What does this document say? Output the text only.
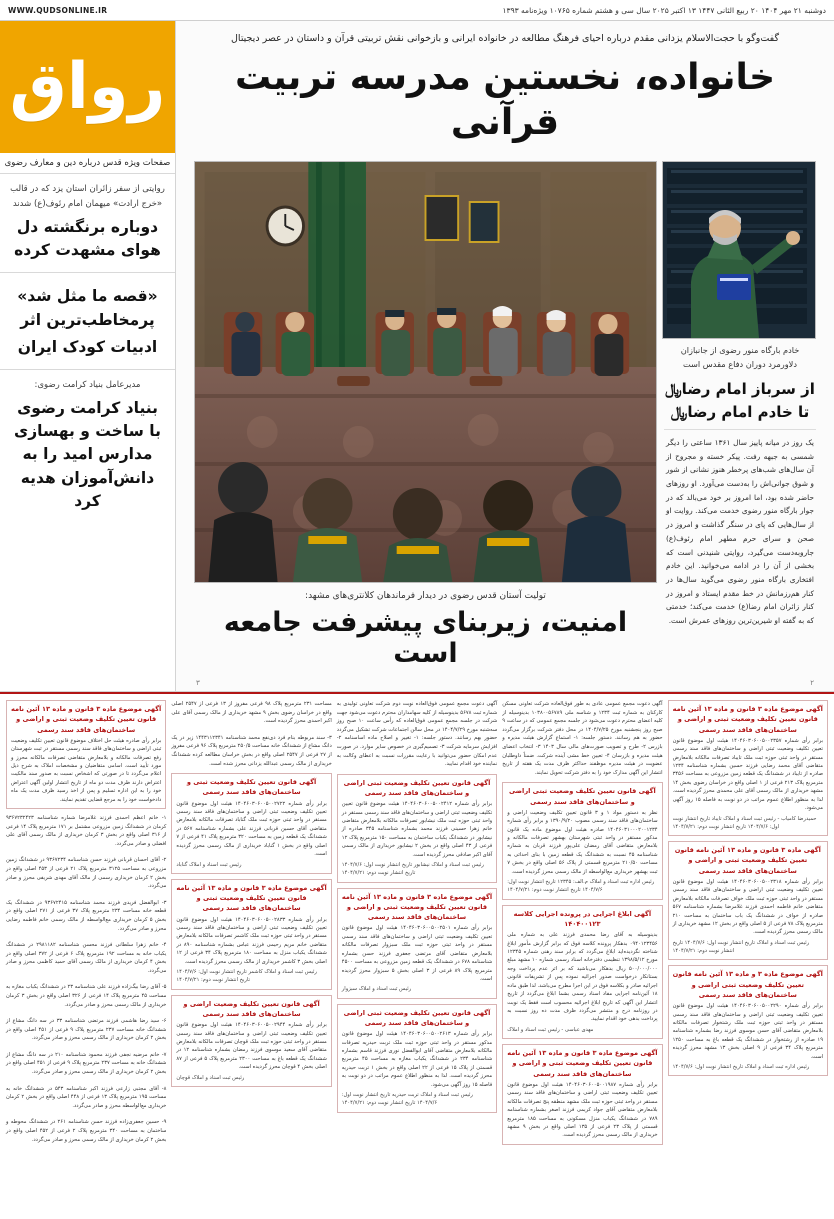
دوشنبه ۲۱ مهر ۱۴۰۴ ۲۰ ربیع الثانی ۱۴۴۷ ۱۳ اکتبر ۲۰۲۵ سال سی و هشتم شماره ۱۰۷۶۵ ویژه‌نامه ۱۳۹۳
WWW.QUDSONLINE.IR
گفت‌وگو با حجت‌الاسلام یزدانی مقدم درباره احیای فرهنگ مطالعه در خانواده ایرانی و بازخوانی نقش تربیتی قرآن و داستان در عصر دیجیتال
خانواده، نخستین مدرسه تربیت قرآنی
خادم بارگاه منور رضوی از جانبازان دلاورمرد دوران دفاع مقدس است
از سرباز امام رضا﷼ تا خادم امام رضا﷼
یک روز در میانه پاییز سال ۱۳۶۱ ساعتی را دیگر شمسی به جبهه رفت. پیکر خسته و مجروح از آن سال‌های شب‌های پرخطر هنوز نشانی از شور و شوق جوانی‌اش را به‌دست می‌آورد. او روزهای حاضر شده بود، اما امروز بر خود می‌بالد که در جوار بارگاه منور رضوی خدمت می‌کند. روایت او از سال‌هایی که پای در سنگر گذاشت و امروز در صحن و سرای حرم مطهر امام رئوف(ع) جاروبه‌دست می‌گیرد، روایتی شنیدنی است که بخشی از آن را در ادامه می‌خوانید. این خادم افتخاری بارگاه منور رضوی می‌گوید سال‌ها در کنار هم‌رزمانش در خط مقدم ایستاد و امروز در کنار زائران امام رضا(ع) خدمت می‌کند؛ خدمتی که به گفته او شیرین‌ترین روزهای عمرش است.
تولیت آستان قدس رضوی در دیدار فرماندهان کلانتری‌های مشهد:
امنیت، زیربنای پیشرفت جامعه است
۲
۳
رواق
صفحات ویژه قدس درباره دین و معارف رضوی
روایتی از سفر زائران استان یزد که در قالب «خرج ارادت» میهمان امام رئوف(ع) شدند
دوباره برنگشته دل هوای مشهدت کرده
«قصه ما مثل شد» پرمخاطب‌ترین اثر
ادبیات کودک ایران
مدیرعامل بنیاد کرامت رضوی:
بنیاد کرامت رضوی با ساخت و بهسازی مدارس امید را به دانش‌آموزان هدیه کرد
آگهی موضوع ماده ۳ قانون و ماده ۱۳ آئین نامه قانون تعیین تکلیف وضعیت ثبتی و اراضی و ساختمان‌های فاقد سند رسمی
برابر رأی شماره ۱۴۰۴۶۰۳۰۶۰۰۵۰۰۲۳۵۷ هیئت اول موضوع قانون تعیین تکلیف وضعیت ثبتی اراضی و ساختمان‌های فاقد سند رسمی مستقر در واحد ثبتی حوزه ثبت ملک تایباد تصرفات مالکانه بلامعارض متقاضی آقای محمد رضایی فرزند حسین بشماره شناسنامه ۱۲۳۴ صادره از تایباد در ششدانگ یک قطعه زمین مزروعی به مساحت ۳۴۵۶ مترمربع پلاک ۲۱۳ فرعی از ۱ اصلی واقع در خراسان رضوی بخش ۱۴ مشهد خریداری از مالک رسمی آقای علی محمدی محرز گردیده است. لذا به منظور اطلاع عموم مراتب در دو نوبت به فاصله ۱۵ روز آگهی می‌شود.
حمیدرضا کامیاب - رئیس ثبت اسناد و املاک تایباد تاریخ انتشار نوبت اول: ۱۴۰۴/۷/۶ تاریخ انتشار نوبت دوم: ۱۴۰۴/۷/۲۱
آگهی ماده ۳ قانون و ماده ۱۳ آئین نامه قانون تعیین تکلیف وضعیت ثبتی و اراضی و ساختمان‌های فاقد سند رسمی
برابر رأی شماره ۱۴۰۴۶۰۳۰۶۰۰۵۰۰۲۳۱۸ هیئت اول موضوع قانون تعیین تکلیف وضعیت ثبتی اراضی و ساختمان‌های فاقد سند رسمی مستقر در واحد ثبتی حوزه ثبت ملک خواف تصرفات مالکانه بلامعارض متقاضی خانم فاطمه احمدی فرزند غلامرضا بشماره شناسنامه ۵۶۷ صادره از خواف در ششدانگ یک باب ساختمان به مساحت ۲۱۰ مترمربع پلاک ۷۸ فرعی از ۵ اصلی واقع در بخش ۱۲ مشهد خریداری از مالک رسمی محرز گردیده است.
رئیس ثبت اسناد و املاک تاریخ انتشار نوبت اول: ۱۴۰۴/۷/۶ تاریخ انتشار نوبت دوم: ۱۴۰۴/۷/۲۱
آگهی موضوع ماده ۳ و ماده ۱۳ آئین نامه قانون تعیین تکلیف وضعیت ثبتی اراضی و ساختمان‌های فاقد سند رسمی
برابر رأی شماره ۱۴۰۴۶۰۳۰۶۰۰۵۰۰۲۲۹۰ هیئت اول موضوع قانون تعیین تکلیف وضعیت ثبتی اراضی و ساختمان‌های فاقد سند رسمی مستقر در واحد ثبتی حوزه ثبت ملک رشتخوار تصرفات مالکانه بلامعارض متقاضی آقای حسن موسوی فرزند رضا بشماره شناسنامه ۱۹ صادره از رشتخوار در ششدانگ یک قطعه باغ به مساحت ۱۲۵۰ مترمربع پلاک ۳۴ فرعی از ۹ اصلی بخش ۱۳ مشهد محرز گردیده است.
رئیس اداره ثبت اسناد و املاک تاریخ انتشار نوبت اول: ۱۴۰۴/۷/۶
آگهی دعوت مجمع عمومی عادی به طور فوق‌العاده شرکت تعاونی مسکن کارکنان به شماره ثبت ۱۲۳۴ و شناسه ملی ۱۰۳۸۰۰۵۶۷۸۹ بدینوسیله از کلیه اعضای محترم دعوت می‌شود در جلسه مجمع عمومی که در ساعت ۹ صبح روز پنجشنبه مورخ ۱۴۰۴/۷/۲۵ در محل دفتر شرکت برگزار می‌گردد حضور به هم رسانند. دستور جلسه: ۱- استماع گزارش هیئت مدیره و بازرس ۲- طرح و تصویب صورت‌های مالی سال ۱۴۰۳ ۳- انتخاب اعضای هیئت مدیره و بازرسان ۴- تعیین خط مشی آینده شرکت. ضمناً داوطلبان عضویت در هیئت مدیره موظفند حداکثر ظرف مدت یک هفته از تاریخ انتشار این آگهی مدارک خود را به دفتر شرکت تحویل نمایند.
آگهی قانون تعیین تکلیف وضعیت ثبتی اراضی و ساختمان‌های فاقد سند رسمی
نظر به دستور مواد ۱ و ۳ قانون تعیین تکلیف وضعیت اراضی و ساختمان‌های فاقد سند رسمی مصوب ۱۳۹۰/۹/۲۰ و برابر رأی شماره ۱۴۰۴۶۰۳۱۰۰۰۲۰۰۱۲۳۴ صادره هیئت اول موضوع ماده یک قانون مذکور مستقر در واحد ثبتی شهرستان بهشهر تصرفات مالکانه و بلامعارض متقاضی آقای رمضان علی‌پور فرزند قربان به شماره شناسنامه ۴۵ نسبت به ششدانگ یک قطعه زمین با بنای احداثی به مساحت ۲۱۰/۵۰ مترمربع قسمتی از پلاک ۵۶ اصلی واقع در بخش ۷ ثبت بهشهر خریداری مع‌الواسطه از مالک رسمی محرز گردیده است.
رئیس اداره ثبت اسناد و املاک م.الف: ۱۲۳۴۵ تاریخ انتشار نوبت اول: ۱۴۰۴/۷/۶ تاریخ انتشار نوبت دوم: ۱۴۰۴/۷/۲۱
آگهی ابلاغ اجرایی در پرونده اجرایی کلاسه ۱۴۰۴۰۰۱۲۳
بدینوسیله به آقای رضا محمدی فرزند علی به شماره ملی ۰۹۴۰۱۲۳۴۵۶ بدهکار پرونده کلاسه فوق که برابر گزارش مأمور ابلاغ شناخته نگردیده‌اید ابلاغ می‌گردد که برابر سند رهنی شماره ۱۲۳۴۵ مورخ ۱۳۹۸/۵/۱۲ تنظیمی دفترخانه اسناد رسمی شماره ۱۰ مشهد مبلغ ۵۰۰/۰۰۰/۰۰۰ ریال بدهکار می‌باشید که بر اثر عدم پرداخت وجه بستانکار درخواست صدور اجرائیه نموده پس از تشریفات قانونی اجرائیه صادر و بکلاسه فوق در این اجرا مطرح می‌باشد. لذا طبق ماده ۱۸ آئین‌نامه اجرایی مفاد اسناد رسمی بشما ابلاغ می‌گردد از تاریخ انتشار این آگهی که تاریخ ابلاغ اجرائیه محسوب است فقط یک نوبت در روزنامه درج و منتشر می‌گردد ظرف مدت ده روز نسبت به پرداخت بدهی خود اقدام نمایید.
مهدی عباسی - رئیس ثبت اسناد و املاک
آگهی موضوع ماده ۳ قانون و ماده ۱۳ آئین نامه قانون تعیین تکلیف وضعیت ثبتی و اراضی و ساختمان‌های فاقد سند رسمی
برابر رأی شماره ۱۴۰۴۶۰۳۰۶۰۰۵۰۰۱۹۸۷ هیئت اول موضوع قانون تعیین تکلیف وضعیت ثبتی اراضی و ساختمان‌های فاقد سند رسمی مستقر در واحد ثبتی حوزه ثبت ملک مشهد منطقه پنج تصرفات مالکانه بلامعارض متقاضی آقای جواد کریمی فرزند اصغر بشماره شناسنامه ۷۸۹ در ششدانگ یکباب منزل مسکونی به مساحت ۱۸۵ مترمربع قسمتی از پلاک ۲۳ فرعی از ۱۳۵ اصلی واقع در بخش ۹ مشهد خریداری از مالک رسمی محرز گردیده است.
آگهی دعوت مجمع عمومی فوق‌العاده نوبت دوم شرکت تعاونی تولیدی به شماره ثبت ۵۶۷۸ بدینوسیله از کلیه سهامداران محترم دعوت می‌شود جهت شرکت در جلسه مجمع عمومی فوق‌العاده که رأس ساعت ۱۰ صبح روز سه‌شنبه مورخ ۱۴۰۴/۷/۲۹ در محل سالن اجتماعات شرکت تشکیل می‌گردد حضور بهم رسانند. دستور جلسه: ۱- تغییر و اصلاح ماده اساسنامه ۲- افزایش سرمایه شرکت ۳- تصمیم‌گیری در خصوص سایر موارد. در صورت عدم امکان حضور می‌توانید با رعایت مقررات نسبت به اعطای وکالت به نماینده خود اقدام نمایید.
آگهی قانون تعیین تکلیف وضعیت ثبتی اراضی و ساختمان‌های فاقد سند رسمی
برابر رأی شماره ۱۴۰۴۶۰۳۰۶۰۰۵۰۰۲۴۱۲ هیئت موضوع قانون تعیین تکلیف وضعیت ثبتی اراضی و ساختمان‌های فاقد سند رسمی مستقر در واحد ثبتی حوزه ثبت ملک نیشابور تصرفات مالکانه بلامعارض متقاضی خانم زهرا حسینی فرزند محمد بشماره شناسنامه ۳۴۵ صادره از نیشابور در ششدانگ یکباب ساختمان به مساحت ۱۵۰ مترمربع پلاک ۱۲ فرعی از ۴۳ اصلی واقع در بخش ۲ نیشابور خریداری از مالک رسمی آقای اکبر صادقی محرز گردیده است.
رئیس ثبت اسناد و املاک نیشابور تاریخ انتشار نوبت اول: ۱۴۰۴/۷/۶ تاریخ انتشار نوبت دوم: ۱۴۰۴/۷/۲۱
آگهی موضوع ماده ۳ قانون و ماده ۱۳ آئین نامه قانون تعیین تکلیف وضعیت ثبتی و اراضی و ساختمان‌های فاقد سند رسمی
برابر رأی شماره ۱۴۰۴۶۰۳۰۶۰۰۵۰۰۲۵۰۱ هیئت اول موضوع قانون تعیین تکلیف وضعیت ثبتی اراضی و ساختمان‌های فاقد سند رسمی مستقر در واحد ثبتی حوزه ثبت ملک سبزوار تصرفات مالکانه بلامعارض متقاضی آقای مرتضی جعفری فرزند حسن بشماره شناسنامه ۶۷۸ در ششدانگ یک قطعه زمین مزروعی به مساحت ۴۵۰۰ مترمربع پلاک ۸۹ فرعی از ۳ اصلی بخش ۵ سبزوار محرز گردیده است.
رئیس ثبت اسناد و املاک سبزوار
آگهی قانون تعیین تکلیف وضعیت ثبتی اراضی و ساختمان‌های فاقد سند رسمی
برابر رأی شماره ۱۴۰۴۶۰۳۰۶۰۰۵۰۰۲۶۱۳ هیئت اول موضوع قانون مذکور مستقر در واحد ثبتی حوزه ثبت ملک تربت حیدریه تصرفات مالکانه بلامعارض متقاضی آقای ابوالفضل نوری فرزند قاسم بشماره شناسنامه ۲۳۴ در ششدانگ یکباب مغازه به مساحت ۴۵ مترمربع قسمتی از پلاک ۱۵ فرعی از ۲۲ اصلی واقع در بخش ۱ تربت حیدریه محرز گردیده است. لذا به منظور اطلاع عموم مراتب در دو نوبت به فاصله ۱۵ روز آگهی می‌شود.
رئیس ثبت اسناد و املاک تربت حیدریه تاریخ انتشار نوبت اول: ۱۴۰۴/۷/۶ تاریخ انتشار نوبت دوم: ۱۴۰۴/۷/۲۱
مساحت ۲۳۱ مترمربع پلاک ۹۸ فرعی مفروز از ۱۳ فرعی از ۲۵۴۷ اصلی واقع در خراسان رضوی بخش ۹ مشهد خریداری از مالک رسمی آقای علی اکبر احمدی محرز گردیده است.
۳- سند مربوطه بنام فرد ذی‌نفع محمد شناسنامه ۱۴۴۳۱۱۲۳۴۱ زیر در یک دانگ مشاع از ششدانگ خانه مساحت ۲۵۰/۵ مترمربع پلاک ۹۶ فرعی مفروز از ۲۷ فرعی از ۲۵۴۷ اصلی واقع در بخش خراسان مطالعه کرده ششدانگ خریداری از مالک رسمی عبدالله یزدانی محرز شده است.
آگهی قانون تعیین تکلیف وضعیت ثبتی و ساختمان‌های فاقد سند رسمی
برابر رأی شماره ۱۴۰۴۶۰۳۰۶۰۰۵۰۰۲۷۲۲ هیئت اول موضوع قانون تعیین تکلیف وضعیت ثبتی اراضی و ساختمان‌های فاقد سند رسمی مستقر در واحد ثبتی حوزه ثبت ملک گناباد تصرفات مالکانه بلامعارض متقاضی آقای حسین قربانی فرزند علی بشماره شناسنامه ۵۶۷ در ششدانگ یک قطعه زمین به مساحت ۳۲۰ مترمربع پلاک ۴۱ فرعی از ۷ اصلی واقع در بخش ۱ گناباد خریداری از مالک رسمی محرز گردیده است.
رئیس ثبت اسناد و املاک گناباد
آگهی موضوع ماده ۳ قانون و ماده ۱۳ آئین نامه قانون تعیین تکلیف وضعیت ثبتی و ساختمان‌های فاقد سند رسمی
برابر رأی شماره ۱۴۰۴۶۰۳۰۶۰۰۵۰۰۲۸۳۳ هیئت اول موضوع قانون تعیین تکلیف وضعیت ثبتی اراضی و ساختمان‌های فاقد سند رسمی مستقر در واحد ثبتی حوزه ثبت ملک کاشمر تصرفات مالکانه بلامعارض متقاضی خانم مریم رحیمی فرزند عباس بشماره شناسنامه ۸۹۰ در ششدانگ یکباب منزل به مساحت ۱۸۰ مترمربع پلاک ۳۴ فرعی از ۱۲ اصلی بخش ۳ کاشمر خریداری از مالک رسمی محرز گردیده است.
رئیس ثبت اسناد و املاک کاشمر تاریخ انتشار نوبت اول: ۱۴۰۴/۷/۶ تاریخ انتشار نوبت دوم: ۱۴۰۴/۷/۲۱
آگهی قانون تعیین تکلیف وضعیت اراضی و ساختمان‌های فاقد سند رسمی
برابر رأی شماره ۱۴۰۴۶۰۳۰۶۰۰۵۰۰۲۹۴۴ هیئت اول موضوع قانون تعیین تکلیف وضعیت ثبتی اراضی و ساختمان‌های فاقد سند رسمی مستقر در واحد ثبتی حوزه ثبت ملک قوچان تصرفات مالکانه بلامعارض متقاضی آقای سعید موسوی فرزند رمضان بشماره شناسنامه ۱۲ در ششدانگ یک قطعه باغ به مساحت ۲۳۰۰ مترمربع پلاک ۵ فرعی از ۸۷ اصلی بخش ۴ قوچان محرز گردیده است.
رئیس ثبت اسناد و املاک قوچان
آگهی موضوع ماده ۳ قانون و ماده ۱۳ آئین نامه قانون تعیین تکلیف وضعیت ثبتی و اراضی و ساختمان‌های فاقد سند رسمی
برابر رأی صادره هیئت حل اختلاف موضوع قانون تعیین تکلیف وضعیت ثبتی اراضی و ساختمان‌های فاقد سند رسمی مستقر در ثبت شهرستان رفع تصرفات مالکانه و بلامعارض متقاضی تصرفات مالکانه محرز و مورد تأیید است. اسامی متقاضیان و مشخصات املاک به شرح ذیل اعلام می‌گردد تا در صورتی که اشخاص نسبت به صدور سند مالکیت اعتراض دارند ظرف مدت دو ماه از تاریخ انتشار اولین آگهی اعتراض خود را به این اداره تسلیم و پس از اخذ رسید ظرف مدت یک ماه دادخواست خود را به مرجع قضایی تقدیم نمایند.
۱- خانم اعظم احمدی فرزند غلامرضا شماره شناسنامه ۹۳۶۷۲۳۲۴۲۳ کرمان در ششدانگ زمین مزروعی مشتمل بر ۱۷۱ مترمربع پلاک ۱۴ فرعی از ۳۱۶ اصلی واقع در بخش ۳ کرمان خریداری از مالک رسمی آقای علی افضلی و صادر می‌گردد.
۲- آقای احسان قربانی فرزند حسن شناسنامه ۹۳۶۷۲۳۴ در ششدانگ زمین مزروعی به مساحت ۳۱۲۵ مترمربع پلاک ۲۱ فرعی از ۴۵۳ اصلی واقع در بخش ۲ کرمان خریداری رسمی از مالک آقای مهدی شریفی محرز و صادر می‌گردد.
۳- ابوالفضل فریدی فرزند محمد شناسنامه ۹۳۶۷۲۴۱۵ در ششدانگ یک قطعه خانه مساحت ۲۳۴ مترمربع پلاک ۳۷ فرعی از ۲۷۱ اصلی واقع در بخش ۵ کرمان خریداری مع‌الواسطه از مالک رسمی خانم فاطمه رضایی محرز و صادر می‌گردد.
۴- خانم زهرا سلطانی فرزند محسن شناسنامه ۲۹۸۱۱۸۲ در ششدانگ یکباب خانه به مساحت ۱۹۲ مترمربع پلاک ۶ فرعی از ۳۷۲ اصلی واقع در بخش ۴ کرمان خریداری از مالک رسمی آقای حمید کاظمی محرز و صادر می‌گردد.
۵- آقای رضا بیگ‌زاده فرزند علی شناسنامه ۲۳ در ششدانگ یکباب مغازه به مساحت ۴۵ مترمربع پلاک ۱۴ فرعی از ۳۲۶ اصلی واقع در بخش ۳ کرمان خریداری از مالک رسمی محرز و صادر می‌گردد.
۶- سید رضا هاشمی فرزند مرتضی شناسنامه ۳۳ در سه دانگ مشاع از ششدانگ خانه مساحت ۲۳۷ مترمربع پلاک ۹ فرعی از ۴۵۱ اصلی واقع در بخش ۲ کرمان خریداری از مالک رسمی محرز و صادر می‌گردد.
۷- خانم مرضیه نجفی فرزند محمود شناسنامه ۲۱۰ در سه دانگ مشاع از ششدانگ خانه به مساحت ۲۳۷ مترمربع پلاک ۹ فرعی از ۴۵۱ اصلی واقع در بخش ۲ کرمان خریداری از مالک رسمی محرز و صادر می‌گردد.
۸- آقای مجتبی زارعی فرزند اکبر شناسنامه ۵۴۳ در ششدانگ خانه به مساحت ۱۹۵ مترمربع پلاک ۱۳ فرعی از ۴۴۸ اصلی واقع در بخش ۲ کرمان خریداری مع‌الواسطه محرز و صادر می‌گردد.
۹- حسین جعفری‌زاده فرزند حسن شناسنامه ۲۶۱ در ششدانگ محوطه و ساختمان به مساحت ۳۴۰ مترمربع پلاک ۲ فرعی از ۴۵۲ اصلی واقع در بخش ۲ کرمان خریداری از مالک رسمی محرز و صادر می‌گردد.
